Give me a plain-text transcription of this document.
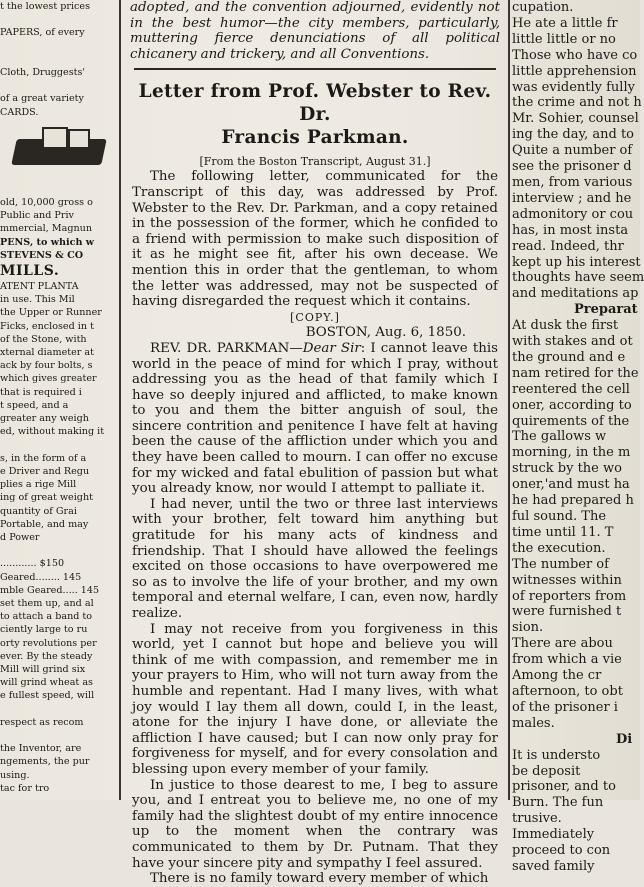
t the lowest prices

PAPERS, of every

Cloth, Druggests'

of a great variety
CARDS.

old, 10,000 gross o
Public and Priv
mmercial, Magnun
PENS, to which w
STEVENS & CO
MILLS.
ATENT PLANTA
in use. This Mil
the Upper or Runner
Ficks, enclosed in t
of the Stone, with
xternal diameter at
ack by four bolts, s
which gives greater
that is required i
t speed, and a
greater any weigh
ed, without making it

s, in the form of a
e Driver and Regu
plies a rige Mill
ing of great weight
quantity of Grai
Portable, and may
d Power

............ $150
Geared........ 145
mble Geared..... 145
set them up, and al
to attach a band to
ciently large to ru
orty revolutions per
ever. By the steady
Mill will grind six
will grind wheat as
e fullest speed, will

respect as recom

the Inventor, are
ngements, the pur
using.
tac for tro

adopted, and the convention adjourned, evidently not in the best humor—the city members, particularly, muttering fierce denunciations of all political chicanery and trickery, and all Conventions.

Letter from Prof. Webster to Rev. Dr.
Francis Parkman.

[From the Boston Transcript, August 31.]

The following letter, communicated for the Transcript of this day, was addressed by Prof. Webster to the Rev. Dr. Parkman, and a copy retained in the possession of the former, which he confided to a friend with permission to make such disposition of it as he might see fit, after his own decease. We mention this in order that the gentleman, to whom the letter was addressed, may not be suspected of having disregarded the request which it contains.

[COPY.]

BOSTON, Aug. 6, 1850.

REV. DR. PARKMAN—Dear Sir: I cannot leave this world in the peace of mind for which I pray, without addressing you as the head of that family which I have so deeply injured and afflicted, to make known to you and them the bitter anguish of soul, the sincere contrition and penitence I have felt at having been the cause of the affliction under which you and they have been called to mourn. I can offer no excuse for my wicked and fatal ebulition of passion but what you already know, nor would I attempt to palliate it.

I had never, until the two or three last interviews with your brother, felt toward him anything but gratitude for his many acts of kindness and friendship. That I should have allowed the feelings excited on those occasions to have overpowered me so as to involve the life of your brother, and my own temporal and eternal welfare, I can, even now, hardly realize.

I may not receive from you forgiveness in this world, yet I cannot but hope and believe you will think of me with compassion, and remember me in your prayers to Him, who will not turn away from the humble and repentant. Had I many lives, with what joy would I lay them all down, could I, in the least, atone for the injury I have done, or alleviate the affliction I have caused; but I can now only pray for forgiveness for myself, and for every consolation and blessing upon every member of your family.

In justice to those dearest to me, I beg to assure you, and I entreat you to believe me, no one of my family had the slightest doubt of my entire innocence up to the moment when the contrary was communicated to them by Dr. Putnam. That they have your sincere pity and sympathy I feel assured.

There is no family toward every member of which

cupation.
He ate a little fr
little little or no
Those who have co
little apprehension
was evidently fully
the crime and not h
Mr. Sohier, counsel
ing the day, and to
Quite a number of
see the prisoner d
men, from various
interview ; and he
admonitory or cou
has, in most insta
read. Indeed, thr
kept up his interest
thoughts have seem
and meditations ap
Preparat
At dusk the first
with stakes and ot
the ground and e
nam retired for the
reentered the cell
oner, according to
quirements of the
The gallows w
morning, in the m
struck by the wo
oner,'and must ha
he had prepared h
ful sound. The
time until 11. T
the execution.
The number of
witnesses within
of reporters from
were furnished t
sion.
There are abou
from which a vie
Among the cr
afternoon, to obt
of the prisoner i
males.
Di
It is understo
be deposit
prisoner, and to
Burn. The fun
trusive.
Immediately
proceed to con
saved family
